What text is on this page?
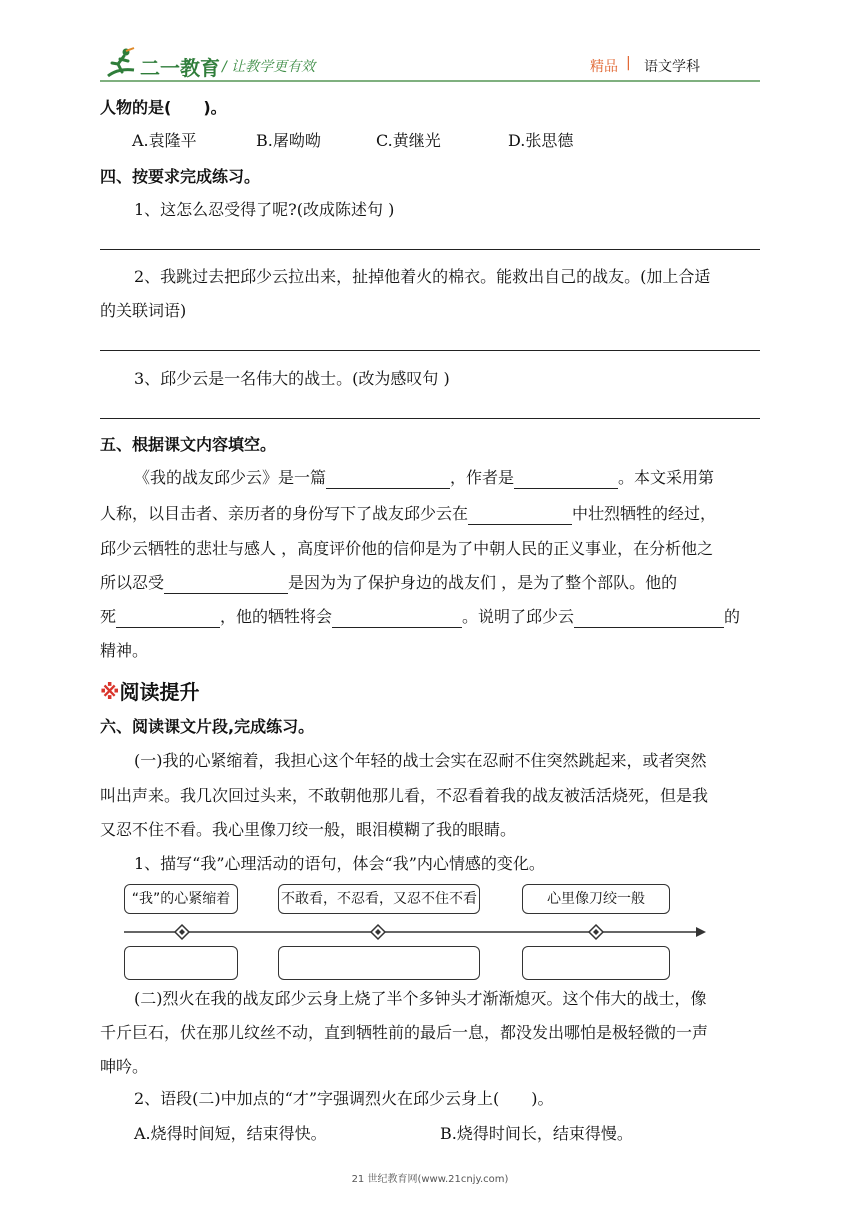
二一教育 / 让教学更有效	精品 | 语文学科
人物的是(　　)。
A.袁隆平	B.屠呦呦	C.黄继光	D.张思德
四、按要求完成练习。
1、这怎么忍受得了呢?(改成陈述句 )
2、我跳过去把邱少云拉出来，扯掉他着火的棉衣。能救出自己的战友。(加上合适
的关联词语)
3、邱少云是一名伟大的战士。(改为感叹句 )
五、根据课文内容填空。
《我的战友邱少云》是一篇	，作者是	。本文采用第
人称，以目击者、亲历者的身份写下了战友邱少云在	中壮烈牺牲的经过，
邱少云牺牲的悲壮与感人 ，高度评价他的信仰是为了中朝人民的正义事业，在分析他之
所以忍受	是因为为了保护身边的战友们 ，是为了整个部队。他的
死	，他的牺牲将会	。说明了邱少云	的
精神。
※阅读提升
六、阅读课文片段,完成练习。
(一)我的心紧缩着，我担心这个年轻的战士会实在忍耐不住突然跳起来，或者突然
叫出声来。我几次回过头来，不敢朝他那儿看，不忍看着我的战友被活活烧死，但是我
又忍不住不看。我心里像刀绞一般，眼泪模糊了我的眼睛。
1、描写“我”心理活动的语句，体会“我”内心情感的变化。
“我”的心紧缩着	不敢看，不忍看，又忍不住不看	心里像刀绞一般
(二)烈火在我的战友邱少云身上烧了半个多钟头才渐渐熄灭。这个伟大的战士，像
千斤巨石，伏在那儿纹丝不动，直到牺牲前的最后一息，都没发出哪怕是极轻微的一声
呻吟。
2、语段(二)中加点的“才”字强调烈火在邱少云身上(　　)。
A.烧得时间短，结束得快。	B.烧得时间长，结束得慢。
21 世纪教育网(www.21cnjy.com)
